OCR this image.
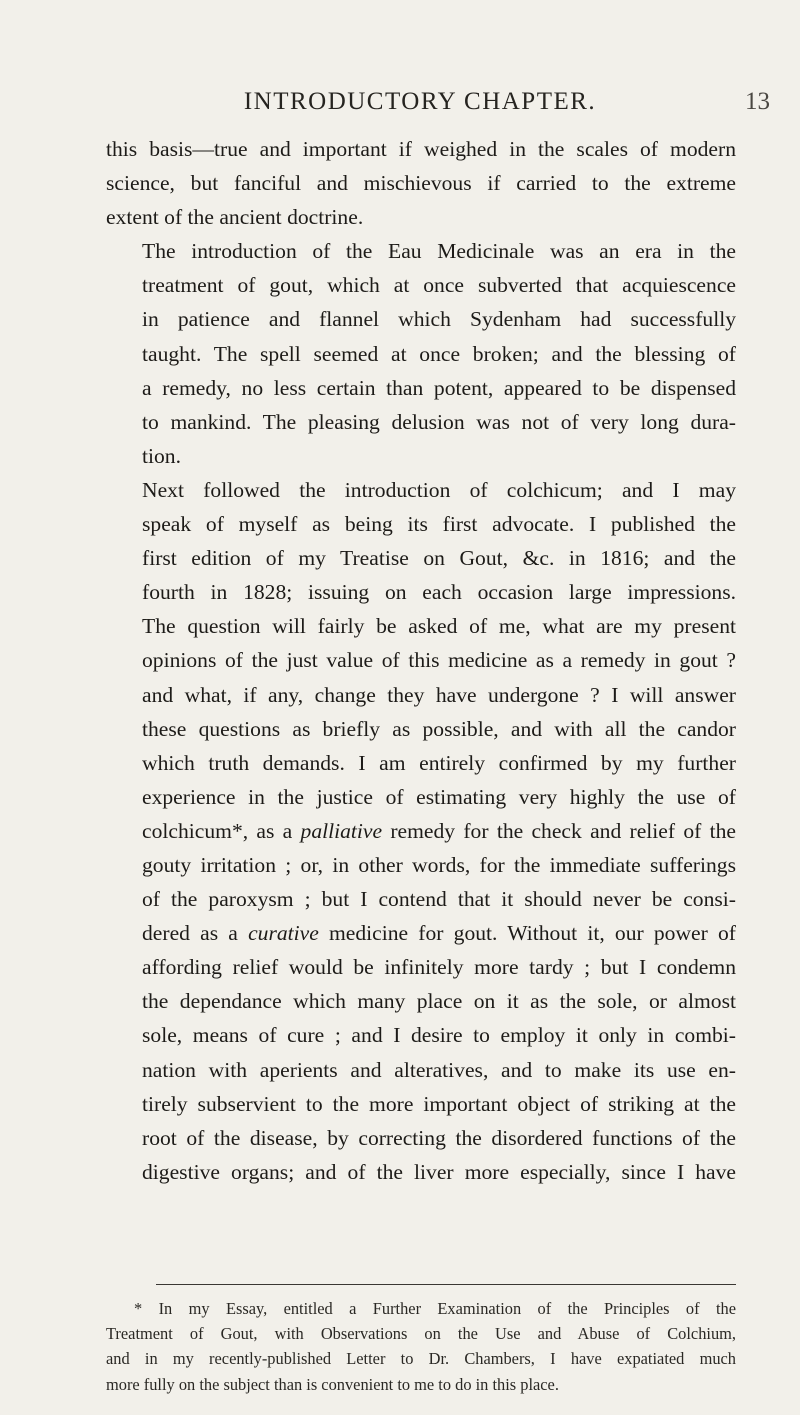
INTRODUCTORY CHAPTER.	13

this basis—true and important if weighed in the scales of modern
science, but fanciful and mischievous if carried to the extreme
extent of the ancient doctrine.

The introduction of the Eau Medicinale was an era in the
treatment of gout, which at once subverted that acquiescence
in patience and flannel which Sydenham had successfully
taught. The spell seemed at once broken; and the blessing of
a remedy, no less certain than potent, appeared to be dispensed
to mankind. The pleasing delusion was not of very long dura-
tion.

Next followed the introduction of colchicum; and I may
speak of myself as being its first advocate. I published the
first edition of my Treatise on Gout, &c. in 1816; and the
fourth in 1828; issuing on each occasion large impressions.
The question will fairly be asked of me, what are my present
opinions of the just value of this medicine as a remedy in gout ?
and what, if any, change they have undergone ? I will answer
these questions as briefly as possible, and with all the candor
which truth demands. I am entirely confirmed by my further
experience in the justice of estimating very highly the use of
colchicum*, as a palliative remedy for the check and relief of the
gouty irritation ; or, in other words, for the immediate sufferings
of the paroxysm ; but I contend that it should never be consi-
dered as a curative medicine for gout. Without it, our power of
affording relief would be infinitely more tardy ; but I condemn
the dependance which many place on it as the sole, or almost
sole, means of cure ; and I desire to employ it only in combi-
nation with aperients and alteratives, and to make its use en-
tirely subservient to the more important object of striking at the
root of the disease, by correcting the disordered functions of the
digestive organs; and of the liver more especially, since I have

* In my Essay, entitled a Further Examination of the Principles of the
Treatment of Gout, with Observations on the Use and Abuse of Colchium,
and in my recently-published Letter to Dr. Chambers, I have expatiated much
more fully on the subject than is convenient to me to do in this place.
